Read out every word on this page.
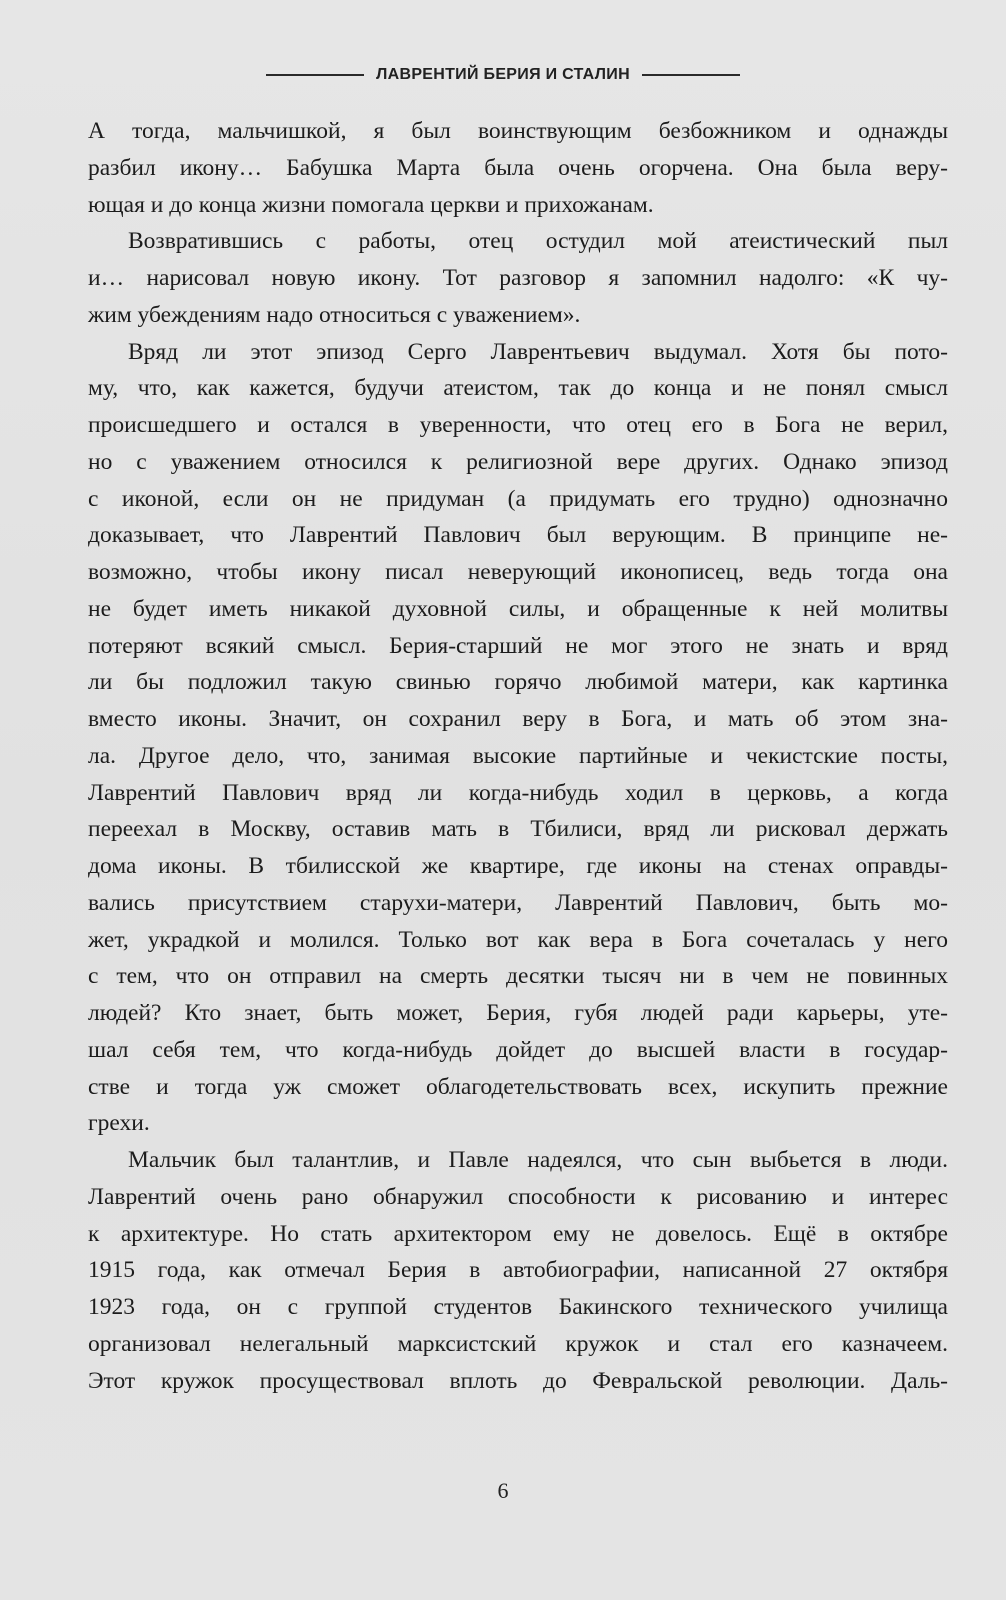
ЛАВРЕНТИЙ БЕРИЯ И СТАЛИН
А тогда, мальчишкой, я был воинствующим безбожником и однажды
разбил икону… Бабушка Марта была очень огорчена. Она была веру-
ющая и до конца жизни помогала церкви и прихожанам.
Возвратившись с работы, отец остудил мой атеистический пыл
и… нарисовал новую икону. Тот разговор я запомнил надолго: «К чу-
жим убеждениям надо относиться с уважением».
Вряд ли этот эпизод Серго Лаврентьевич выдумал. Хотя бы пото-
му, что, как кажется, будучи атеистом, так до конца и не понял смысл
происшедшего и остался в уверенности, что отец его в Бога не верил,
но с уважением относился к религиозной вере других. Однако эпизод
с иконой, если он не придуман (а придумать его трудно) однозначно
доказывает, что Лаврентий Павлович был верующим. В принципе не-
возможно, чтобы икону писал неверующий иконописец, ведь тогда она
не будет иметь никакой духовной силы, и обращенные к ней молитвы
потеряют всякий смысл. Берия-старший не мог этого не знать и вряд
ли бы подложил такую свинью горячо любимой матери, как картинка
вместо иконы. Значит, он сохранил веру в Бога, и мать об этом зна-
ла. Другое дело, что, занимая высокие партийные и чекистские посты,
Лаврентий Павлович вряд ли когда-нибудь ходил в церковь, а когда
переехал в Москву, оставив мать в Тбилиси, вряд ли рисковал держать
дома иконы. В тбилисской же квартире, где иконы на стенах оправды-
вались присутствием старухи-матери, Лаврентий Павлович, быть мо-
жет, украдкой и молился. Только вот как вера в Бога сочеталась у него
с тем, что он отправил на смерть десятки тысяч ни в чем не повинных
людей? Кто знает, быть может, Берия, губя людей ради карьеры, уте-
шал себя тем, что когда-нибудь дойдет до высшей власти в государ-
стве и тогда уж сможет облагодетельствовать всех, искупить прежние
грехи.
Мальчик был талантлив, и Павле надеялся, что сын выбьется в люди.
Лаврентий очень рано обнаружил способности к рисованию и интерес
к архитектуре. Но стать архитектором ему не довелось. Ещё в октябре
1915 года, как отмечал Берия в автобиографии, написанной 27 октября
1923 года, он с группой студентов Бакинского технического училища
организовал нелегальный марксистский кружок и стал его казначеем.
Этот кружок просуществовал вплоть до Февральской революции. Даль-
6
